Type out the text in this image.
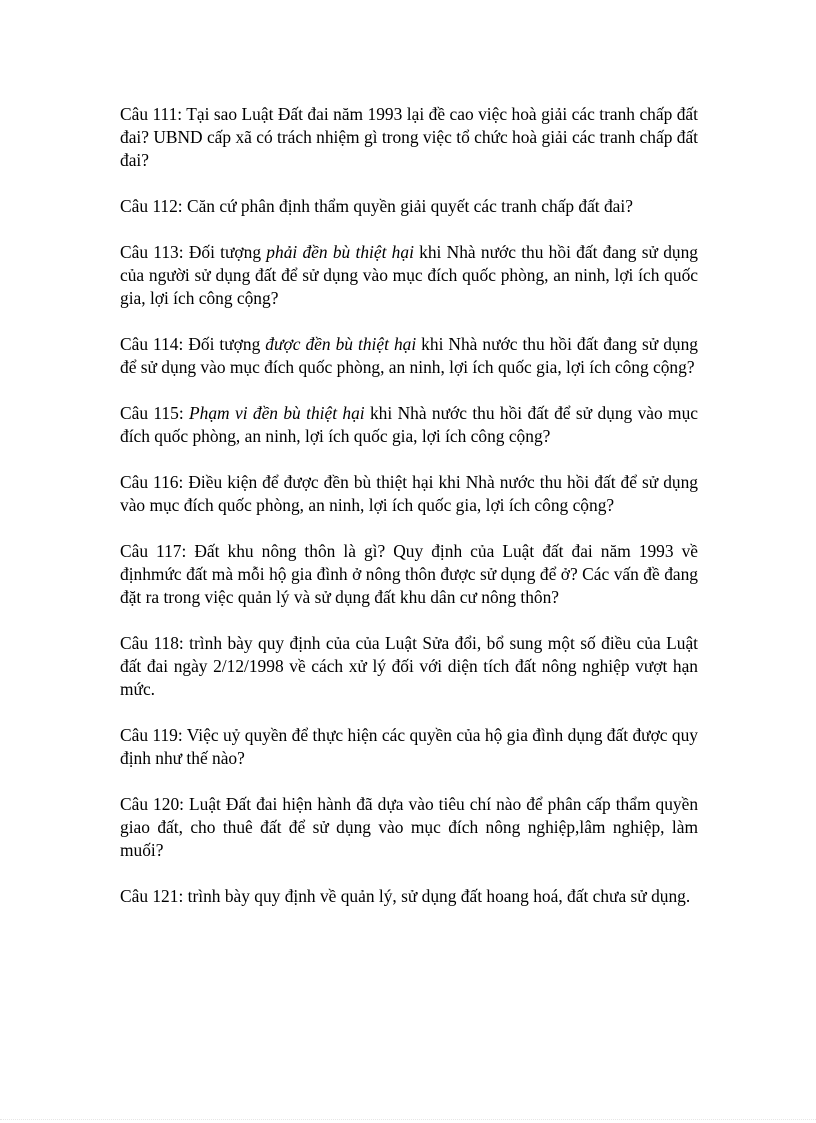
Câu 111: Tại sao Luật Đất đai năm 1993 lại đề cao việc hoà giải các tranh chấp đất đai? UBND cấp xã có trách nhiệm gì trong việc tổ chức hoà giải các tranh chấp đất đai?

Câu 112: Căn cứ phân định thẩm quyền giải quyết các tranh chấp đất đai?

Câu 113: Đối tượng phải đền bù thiệt hại khi Nhà nước thu hồi đất đang sử dụng của người sử dụng đất để sử dụng vào mục đích quốc phòng, an ninh, lợi ích quốc gia, lợi ích công cộng?

Câu 114: Đối tượng được đền bù thiệt hại khi Nhà nước thu hồi đất đang sử dụng để sử dụng vào mục đích quốc phòng, an ninh, lợi ích quốc gia, lợi ích công cộng?

Câu 115: Phạm vi đền bù thiệt hại khi Nhà nước thu hồi đất để sử dụng vào mục đích quốc phòng, an ninh, lợi ích quốc gia, lợi ích công cộng?

Câu 116: Điều kiện để được đền bù thiệt hại khi Nhà nước thu hồi đất để sử dụng vào mục đích quốc phòng, an ninh, lợi ích quốc gia, lợi ích công cộng?

Câu 117: Đất khu nông thôn là gì? Quy định của Luật đất đai năm 1993 về địnhmức đất mà mỗi hộ gia đình ở nông thôn được sử dụng để ở? Các vấn đề đang đặt ra trong việc quản lý và sử dụng đất khu dân cư nông thôn?

Câu 118: trình bày quy định của của Luật Sửa đổi, bổ sung một số điều của Luật đất đai ngày 2/12/1998 về cách xử lý đối với diện tích đất nông nghiệp vượt hạn mức.

Câu 119: Việc uỷ quyền để thực hiện các quyền của hộ gia đình dụng đất được quy định như thế nào?

Câu 120: Luật Đất đai hiện hành đã dựa vào tiêu chí nào để phân cấp thẩm quyền giao đất, cho thuê đất để sử dụng vào mục đích nông nghiệp,lâm nghiệp, làm muối?

Câu 121: trình bày quy định về quản lý, sử dụng đất hoang hoá, đất chưa sử dụng.
